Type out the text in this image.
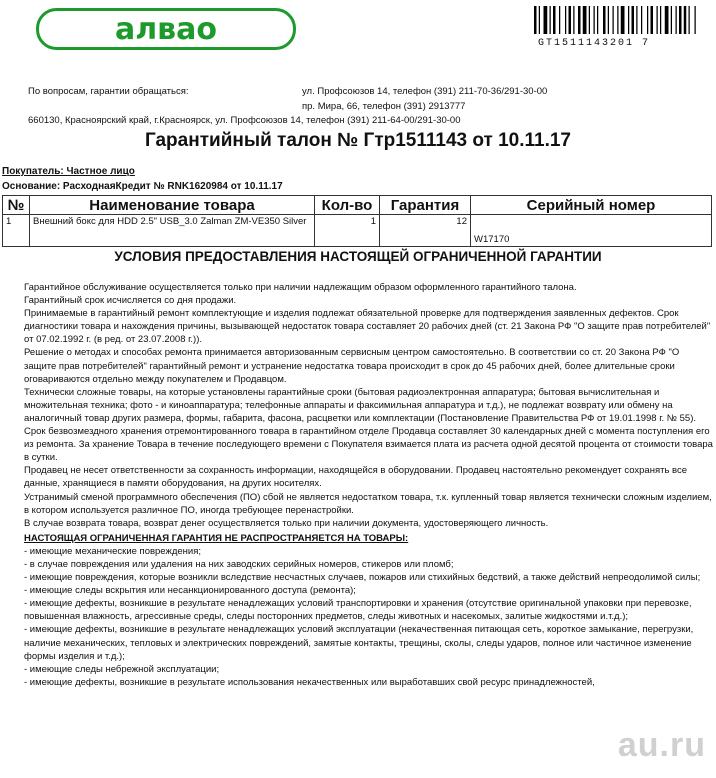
алвао	GT1511143201 7
По вопросам, гарантии обращаться:	ул. Профсоюзов 14, телефон (391) 211-70-36/291-30-00
пр. Мира, 66, телефон (391) 2913777
660130, Красноярский край, г.Красноярск, ул. Профсоюзов 14, телефон (391) 211-64-00/291-30-00
Гарантийный талон № Гтр1511143 от 10.11.17
Покупатель: Частное лицо
Основание: РасходнаяКредит № RNK1620984 от 10.11.17
№	Наименование товара	Кол-во	Гарантия	Серийный номер
1	Внешний бокс для HDD 2.5" USB_3.0 Zalman ZM-VE350 Silver	1	12	W17170
УСЛОВИЯ ПРЕДОСТАВЛЕНИЯ НАСТОЯЩЕЙ ОГРАНИЧЕННОЙ ГАРАНТИИ

Гарантийное обслуживание осуществляется только при наличии надлежащим образом оформленного гарантийного талона.

Гарантийный срок исчисляется со дня продажи.

Принимаемые в гарантийный ремонт комплектующие и изделия подлежат обязательной проверке для подтверждения заявленных дефектов. Срок диагностики товара и нахождения причины, вызывающей недостаток товара составляет 20 рабочих дней (ст. 21 Закона РФ "О защите прав потребителей" от 07.02.1992 г. (в ред. от 23.07.2008 г.)).

Решение о методах и способах ремонта принимается авторизованным сервисным центром самостоятельно. В соответствии со ст. 20 Закона РФ "О защите прав потребителей" гарантийный ремонт и устранение недостатка товара происходит в срок до 45 рабочих дней, более длительные сроки оговариваются отдельно между покупателем и Продавцом.

Технически сложные товары, на которые установлены гарантийные сроки (бытовая радиоэлектронная аппаратура; бытовая вычислительная и множительная техника; фото - и киноаппаратура; телефонные аппараты и факсимильная аппаратура и т.д.), не подлежат возврату или обмену на аналогичный товар других размера, формы, габарита, фасона, расцветки или комплектации (Постановление Правительства РФ от 19.01.1998 г. № 55).

Срок безвозмездного хранения отремонтированного товара в гарантийном отделе Продавца составляет 30 календарных дней с момента поступления его из ремонта. За хранение Товара в течение последующего времени с Покупателя взимается плата из расчета одной десятой процента от стоимости товара в сутки.

Продавец не несет ответственности за сохранность информации, находящейся в оборудовании. Продавец настоятельно рекомендует сохранять все данные, хранящиеся в памяти оборудования, на других носителях.

Устранимый сменой программного обеспечения (ПО) сбой не является недостатком товара, т.к. купленный товар является технически сложным изделием, в котором используется различное ПО, иногда требующее перенастройки.

В случае возврата товара, возврат денег осуществляется только при наличии документа, удостоверяющего личность.

НАСТОЯЩАЯ ОГРАНИЧЕННАЯ ГАРАНТИЯ НЕ РАСПРОСТРАНЯЕТСЯ НА ТОВАРЫ:

- имеющие механические повреждения;

- в случае повреждения или удаления на них заводских серийных номеров, стикеров или пломб;

- имеющие повреждения, которые возникли вследствие несчастных случаев, пожаров или стихийных бедствий, а также действий непреодолимой силы;

- имеющие следы вскрытия или несанкционированного доступа (ремонта);

- имеющие дефекты, возникшие в результате ненадлежащих условий транспортировки и хранения (отсутствие оригинальной упаковки при перевозке, повышенная влажность, агрессивные среды, следы посторонних предметов, следы животных и насекомых, залитые жидкостями и.т.д.);

- имеющие дефекты, возникшие в результате ненадлежащих условий эксплуатации (некачественная питающая сеть, короткое замыкание, перегрузки, наличие механических, тепловых и электрических повреждений, замятые контакты, трещины, сколы, следы ударов, полное или частичное изменение формы изделия и т.д.);

- имеющие следы небрежной эксплуатации;

- имеющие дефекты, возникшие в результате использования некачественных или выработавших свой ресурс принадлежностей,

au.ru
